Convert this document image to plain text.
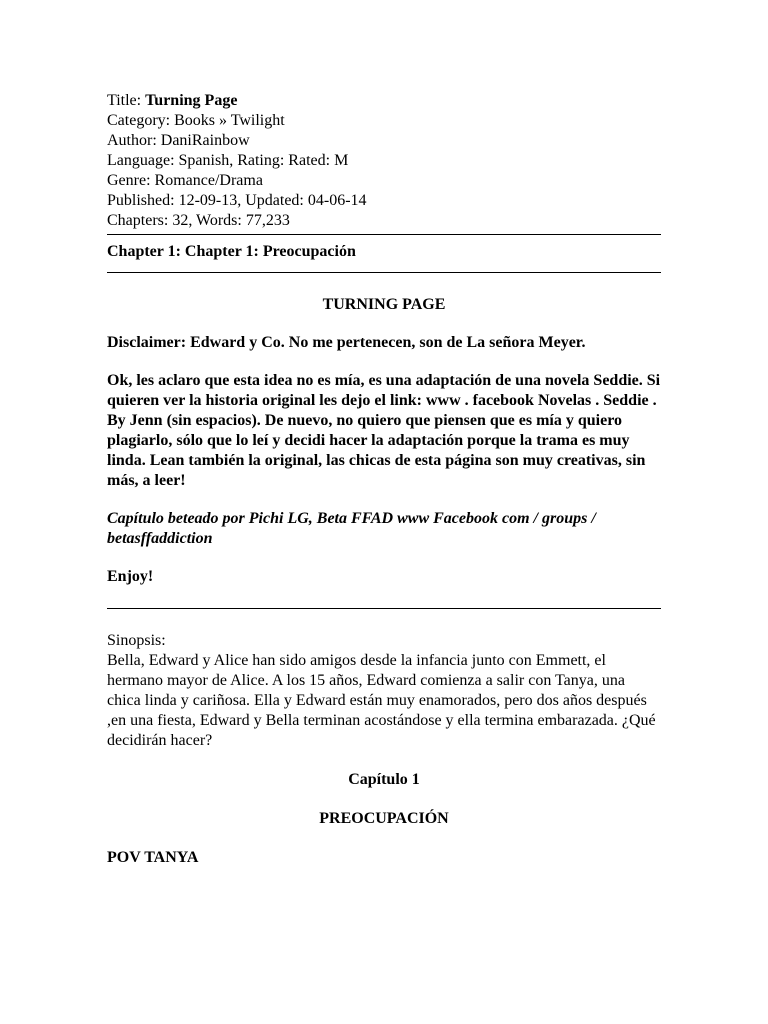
Title: Turning Page
Category: Books » Twilight
Author: DaniRainbow
Language: Spanish, Rating: Rated: M
Genre: Romance/Drama
Published: 12-09-13, Updated: 04-06-14
Chapters: 32, Words: 77,233
Chapter 1: Chapter 1: Preocupación

TURNING PAGE

Disclaimer: Edward y Co. No me pertenecen, son de La señora Meyer.

Ok, les aclaro que esta idea no es mía, es una adaptación de una novela Seddie. Si quieren ver la historia original les dejo el link: www . facebook Novelas . Seddie . By Jenn (sin espacios). De nuevo, no quiero que piensen que es mía y quiero plagiarlo, sólo que lo leí y decidi hacer la adaptación porque la trama es muy linda. Lean también la original, las chicas de esta página son muy creativas, sin más, a leer!

Capítulo beteado por Pichi LG, Beta FFAD www Facebook com / groups / betasffaddiction

Enjoy!

Sinopsis:

Bella, Edward y Alice han sido amigos desde la infancia junto con Emmett, el hermano mayor de Alice. A los 15 años, Edward comienza a salir con Tanya, una chica linda y cariñosa. Ella y Edward están muy enamorados, pero dos años después ,en una fiesta, Edward y Bella terminan acostándose y ella termina embarazada. ¿Qué decidirán hacer?

Capítulo 1

PREOCUPACIÓN

POV TANYA
